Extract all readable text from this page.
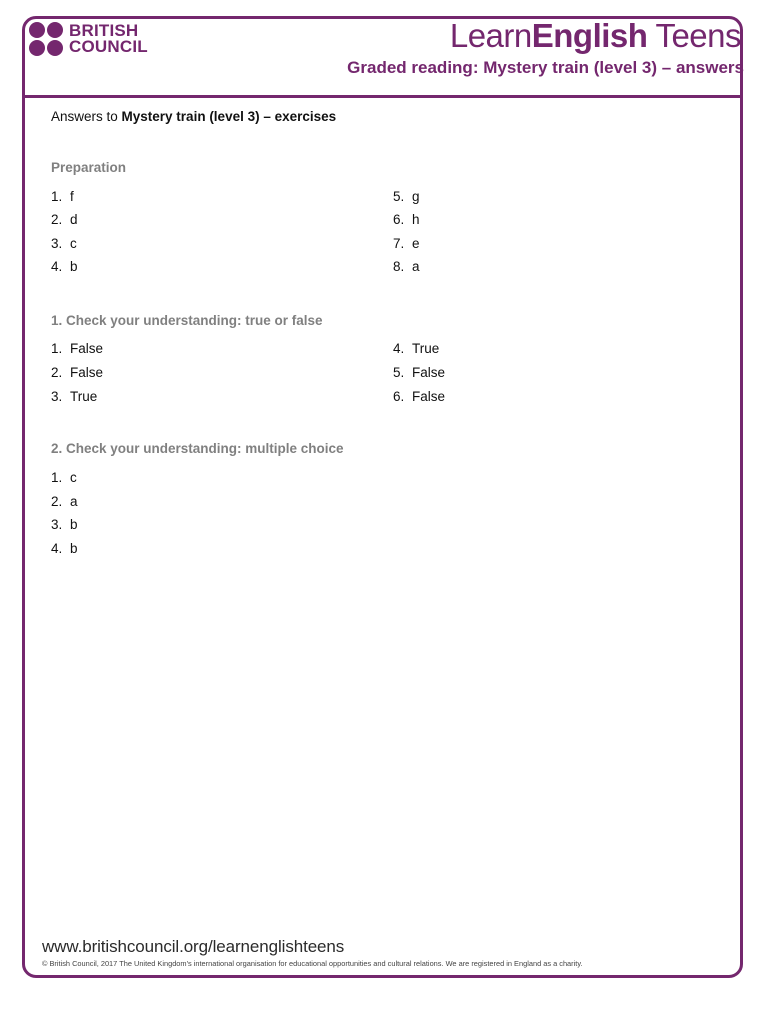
BRITISH
COUNCIL	LearnEnglish Teens
Graded reading: Mystery train (level 3) – answers
Answers to Mystery train (level 3) – exercises
Preparation
1. f
2. d
3. c
4. b
5. g
6. h
7. e
8. a
1. Check your understanding: true or false
1. False
2. False
3. True
4. True
5. False
6. False
2. Check your understanding: multiple choice
1. c
2. a
3. b
4. b
www.britishcouncil.org/learnenglishteens
© British Council, 2017 The United Kingdom's international organisation for educational opportunities and cultural relations. We are registered in England as a charity.
